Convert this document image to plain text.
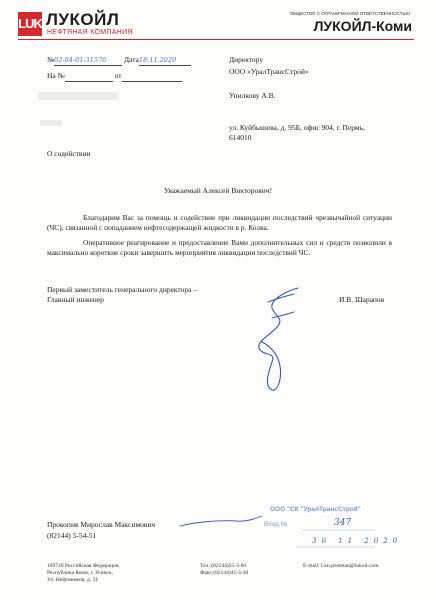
LUK ЛУКОЙЛ
НЕФТЯНАЯ КОМПАНИЯ
ОБЩЕСТВО С ОГРАНИЧЕННОЙ ОТВЕТСТВЕННОСТЬЮ
ЛУКОЙЛ-Коми
№02-04-01-31576 Дата18.11.2020
На №	от
Директору
ООО «УралТрансСтрой»
Упилкову А.В.
ул. Куйбышева, д. 95Б, офис 904, г. Пермь,
614010
О содействии
Уважаемый Алексей Викторович!
Благодарим Вас за помощь и содействие при ликвидации последствий чрезвычайной ситуации (ЧС), связанной с попаданием нефтесодержащей жидкости в р. Колва.
Оперативное реагирование и предоставление Вами дополнительных сил и средств позволили в максимально короткие сроки завершить мероприятия ликвидации последствий ЧС.
Первый заместитель генерального директора –
Главный инженер	И.В. Шарапов
Прокопив Мирослав Максимович
(82144) 5-54-51
ООО "СК "УралТрансСтрой"
Вход.№	347
30 11 2020
169710 Российская Федерация,
Республика Коми, г. Усинск,
Ул. Нефтяников, д. 31
Тел.:(82144)55-3-60
Факс:(82144)41-3-38
E-mail: Usn.postman@lukoil.com
